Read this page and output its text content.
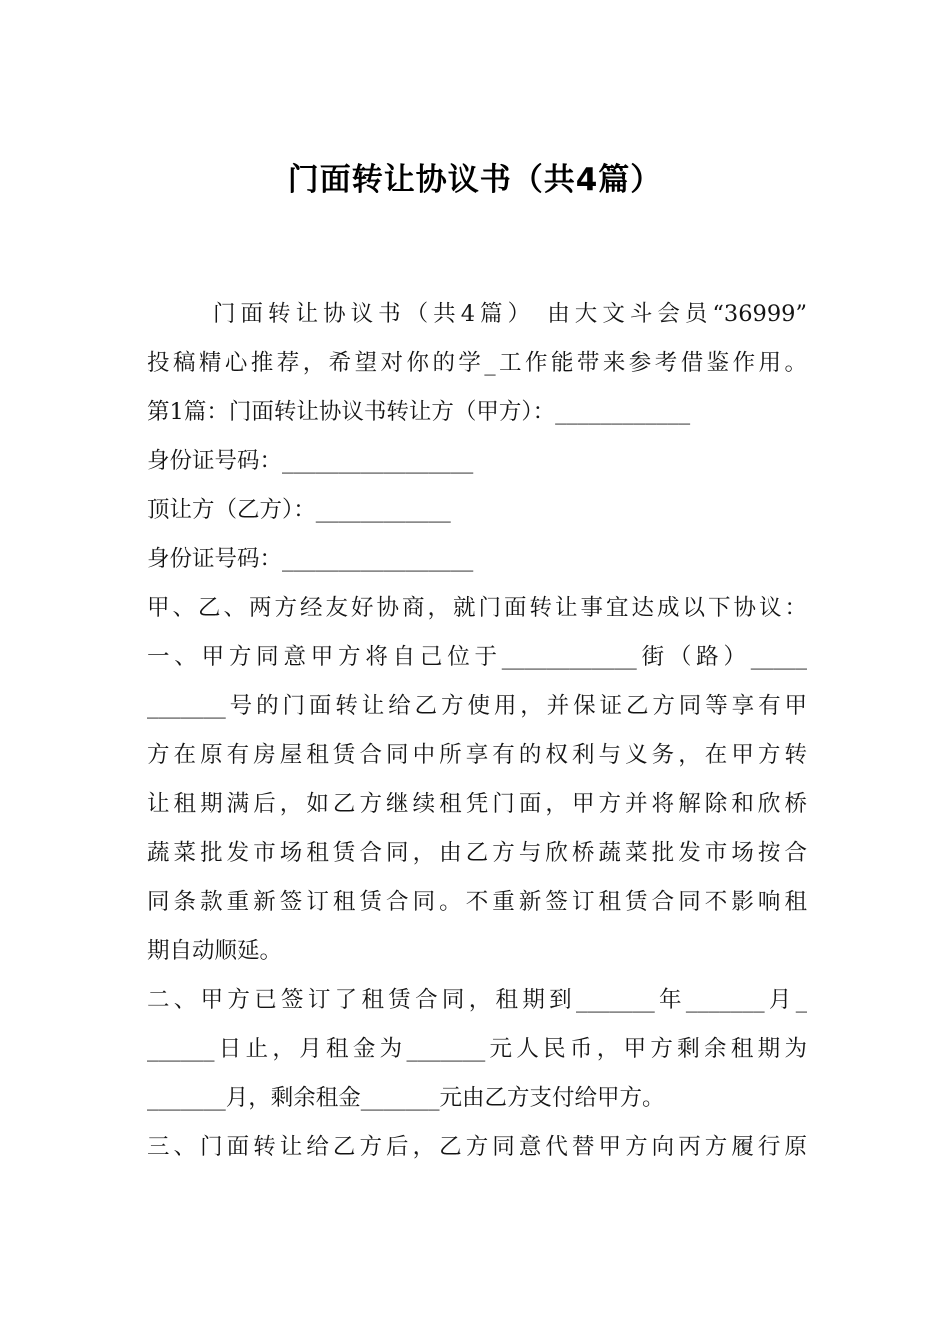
门面转让协议书（共4篇）

门面转让协议书（共4篇） 由大文斗会员“36999”

投稿精心推荐，希望对你的学_工作能带来参考借鉴作用。

第1篇：门面转让协议书转让方（甲方）：____________

身份证号码：_________________

顶让方（乙方）：____________

身份证号码：_________________

甲、乙、两方经友好协商，就门面转让事宜达成以下协议：

一、甲方同意甲方将自己位于____________街（路）_____

_______号的门面转让给乙方使用，并保证乙方同等享有甲

方在原有房屋租赁合同中所享有的权利与义务，在甲方转

让租期满后，如乙方继续租凭门面，甲方并将解除和欣桥

蔬菜批发市场租赁合同，由乙方与欣桥蔬菜批发市场按合

同条款重新签订租赁合同。不重新签订租赁合同不影响租

期自动顺延。

二、甲方已签订了租赁合同，租期到_______年_______月_

______日止，月租金为_______元人民币，甲方剩余租期为

_______月，剩余租金_______元由乙方支付给甲方。

三、门面转让给乙方后，乙方同意代替甲方向丙方履行原
